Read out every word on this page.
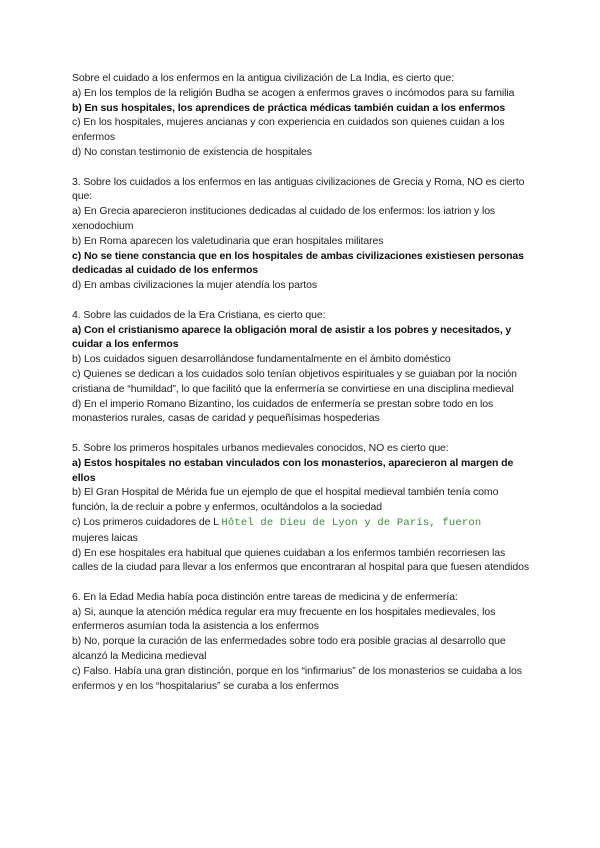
Sobre el cuidado a los enfermos en la antigua civilización de La India, es cierto que:

a) En los templos de la religión Budha se acogen a enfermos graves o incómodos para su familia

b) En sus hospitales, los aprendices de práctica médicas también cuidan a los enfermos

c) En los hospitales, mujeres ancianas y con experiencia en cuidados son quienes cuidan a los enfermos

d) No constan testimonio de existencia de hospitales

3. Sobre los cuidados a los enfermos en las antiguas civilizaciones de Grecia y Roma, NO es cierto que:

a) En Grecia aparecieron instituciones dedicadas al cuidado de los enfermos: los iatrion y los xenodochium

b) En Roma aparecen los valetudinaria que eran hospitales militares

c) No se tiene constancia que en los hospitales de ambas civilizaciones existiesen personas dedicadas al cuidado de los enfermos

d) En ambas civilizaciones la mujer atendía los partos

4. Sobre las cuidados de la Era Cristiana, es cierto que:

a) Con el cristianismo aparece la obligación moral de asistir a los pobres y necesitados, y cuidar a los enfermos

b) Los cuidados siguen desarrollándose fundamentalmente en el ámbito doméstico

c) Quienes se dedican a los cuidados solo tenían objetivos espirituales y se guiaban por la noción cristiana de “humildad”, lo que facilitó que la enfermería se convirtiese en una disciplina medieval

d) En el imperio Romano Bizantino, los cuidados de enfermería se prestan sobre todo en los monasterios rurales, casas de caridad y pequeñísimas hospederias

5. Sobre los primeros hospitales urbanos medievales conocidos, NO es cierto que:

a) Estos hospitales no estaban vinculados con los monasterios, aparecieron al margen de ellos

b) El Gran Hospital de Mérida fue un ejemplo de que el hospital medieval también tenía como función, la de recluir a pobre y enfermos, ocultándolos a la sociedad

c) Los primeros cuidadores de L Hôtel de Dieu de Lyon y de París, fueron
mujeres laicas

d) En ese hospitales era habitual que quienes cuidaban a los enfermos también recorriesen las calles de la ciudad para llevar a los enfermos que encontraran al hospital para que fuesen atendidos

6. En la Edad Media había poca distinción entre tareas de medicina y de enfermería:

a) Si, aunque la atención médica regular era muy frecuente en los hospitales medievales, los enfermeros asumían toda la asistencia a los enfermos

b) No, porque la curación de las enfermedades sobre todo era posible gracias al desarrollo que alcanzó la Medicina medieval

c) Falso. Había una gran distinción, porque en los “infirmarius” de los monasterios se cuidaba a los enfermos y en los “hospitalarius” se curaba a los enfermos
